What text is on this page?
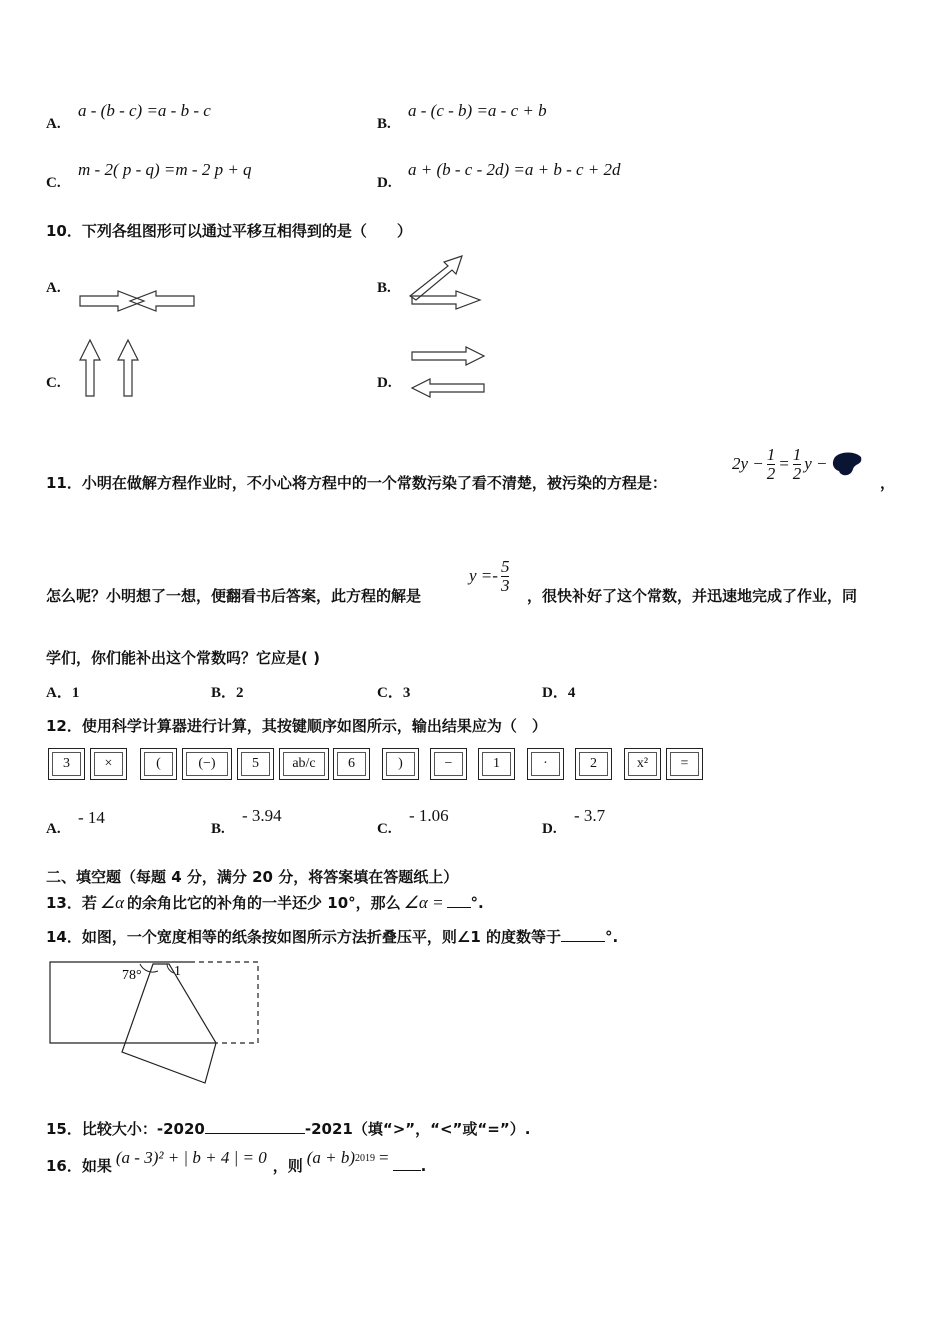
A.
a - (b - c) =a - b - c
B.
a - (c - b) =a - c + b
C.
m - 2( p - q) =m - 2 p + q
D.
a + (b - c - 2d) =a + b - c + 2d
10．下列各组图形可以通过平移互相得到的是（　　）
A.	B.
C.	D.
11．小明在做解方程作业时，不小心将方程中的一个常数污染了看不清楚，被污染的方程是：
$2y - \frac{1}{2} = \frac{1}{2}$ y −
，
怎么呢？小明想了一想，便翻看书后答案，此方程的解是
$y =- \frac{5}{3}$
，很快补好了这个常数，并迅速地完成了作业，同
学们，你们能补出这个常数吗？它应是( )
A．1	B．2	C．3	D．4
12．使用科学计算器进行计算，其按键顺序如图所示，输出结果应为（　）
3	×	(	(−)	5	ab/c	6	)	−	1	·	2	x²	=
A.
- 14
B.
- 3.94
C.
- 1.06
D.
- 3.7
二、填空题（每题 4 分，满分 20 分，将答案填在答题纸上）
13．若 ∠α 的余角比它的补角的一半还少 10°，那么 ∠α = °.
14．如图，一个宽度相等的纸条按如图所示方法折叠压平，则∠1 的度数等于	°.
78° 1
15．比较大小：-2020	-2021（填“>”，“<”或“=”）.
16．如果 (a - 3)² + | b + 4 | = 0 ，则 $(a + b)^{2019}$ = .
